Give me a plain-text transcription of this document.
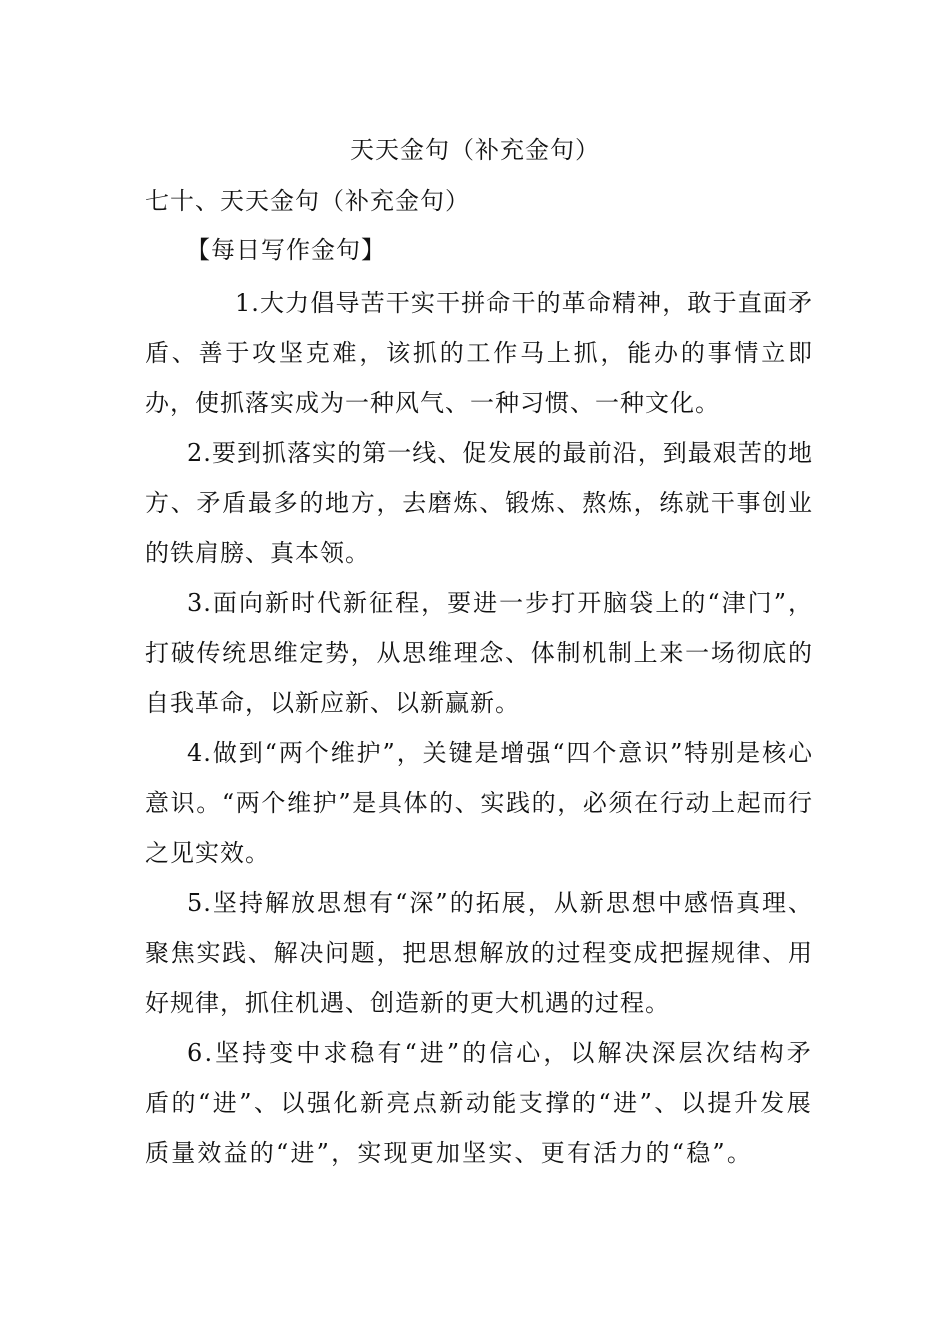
天天金句（补充金句）
七十、天天金句（补充金句）
【每日写作金句】

1.大力倡导苦干实干拼命干的革命精神，敢于直面矛盾、善于攻坚克难，该抓的工作马上抓，能办的事情立即办，使抓落实成为一种风气、一种习惯、一种文化。

2.要到抓落实的第一线、促发展的最前沿，到最艰苦的地方、矛盾最多的地方，去磨炼、锻炼、熬炼，练就干事创业的铁肩膀、真本领。

3.面向新时代新征程，要进一步打开脑袋上的“津门”，打破传统思维定势，从思维理念、体制机制上来一场彻底的自我革命，以新应新、以新赢新。

4.做到“两个维护”，关键是增强“四个意识”特别是核心意识。“两个维护”是具体的、实践的，必须在行动上起而行之见实效。

5.坚持解放思想有“深”的拓展，从新思想中感悟真理、聚焦实践、解决问题，把思想解放的过程变成把握规律、用好规律，抓住机遇、创造新的更大机遇的过程。

6.坚持变中求稳有“进”的信心，以解决深层次结构矛盾的“进”、以强化新亮点新动能支撑的“进”、以提升发展质量效益的“进”，实现更加坚实、更有活力的“稳”。
